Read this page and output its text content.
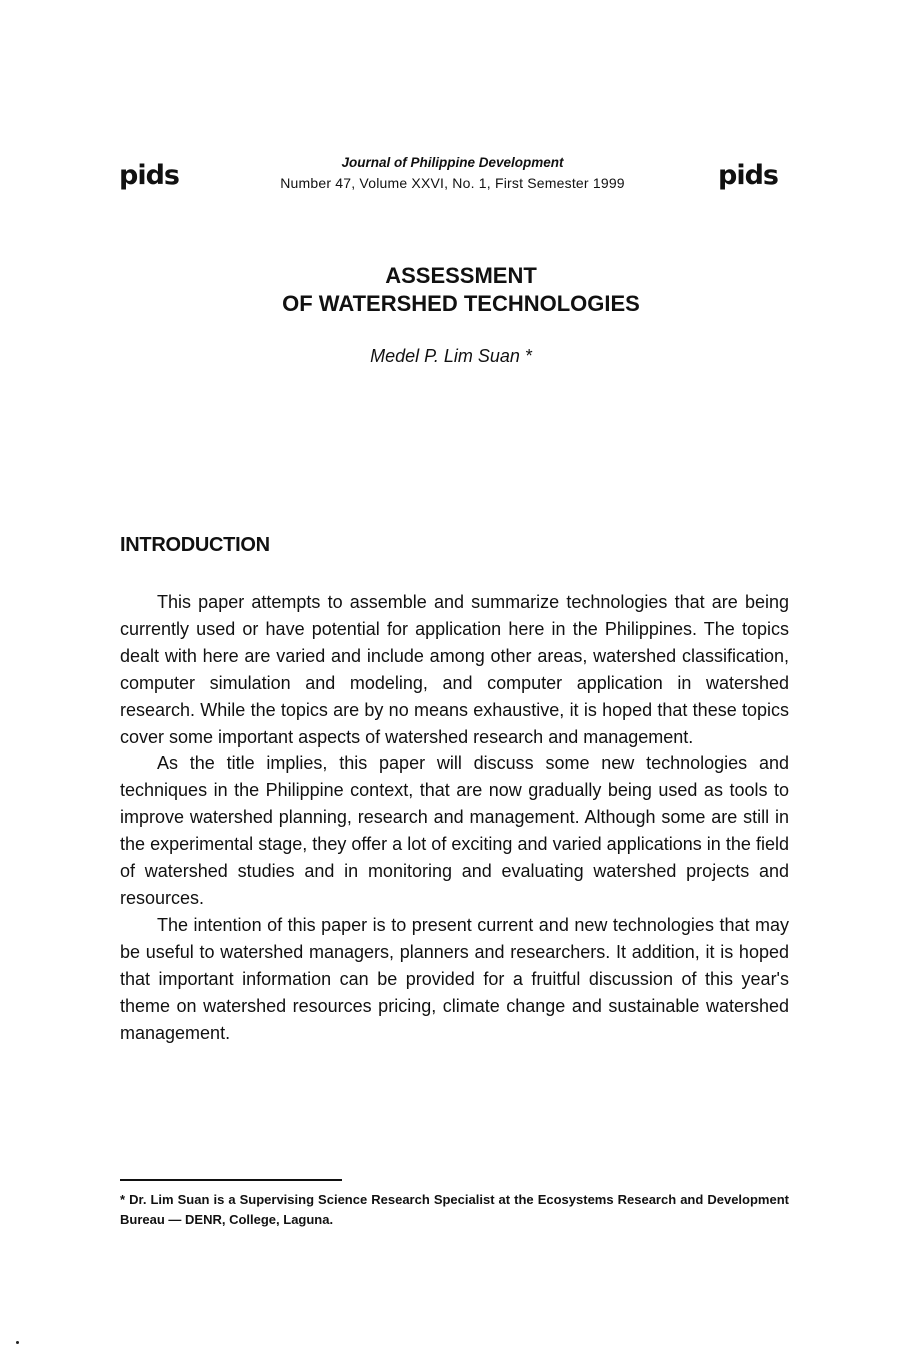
pids	Journal of Philippine Development
Number 47, Volume XXVI, No. 1, First Semester 1999	pids
ASSESSMENT
OF WATERSHED TECHNOLOGIES
Medel P. Lim Suan *
INTRODUCTION

This paper attempts to assemble and summarize technologies that are being currently used or have potential for application here in the Philippines. The topics dealt with here are varied and include among other areas, watershed classification, computer simulation and modeling, and computer application in watershed research. While the topics are by no means exhaustive, it is hoped that these topics cover some important aspects of watershed research and management.

As the title implies, this paper will discuss some new technologies and techniques in the Philippine context, that are now gradually being used as tools to improve watershed planning, research and management. Although some are still in the experimental stage, they offer a lot of exciting and varied applications in the field of watershed studies and in monitoring and evaluating watershed projects and resources.

The intention of this paper is to present current and new technologies that may be useful to watershed managers, planners and researchers. It addition, it is hoped that important information can be provided for a fruitful discussion of this year's theme on watershed resources pricing, climate change and sustainable watershed management.

* Dr. Lim Suan is a Supervising Science Research Specialist at the Ecosystems Research and Development Bureau — DENR, College, Laguna.
